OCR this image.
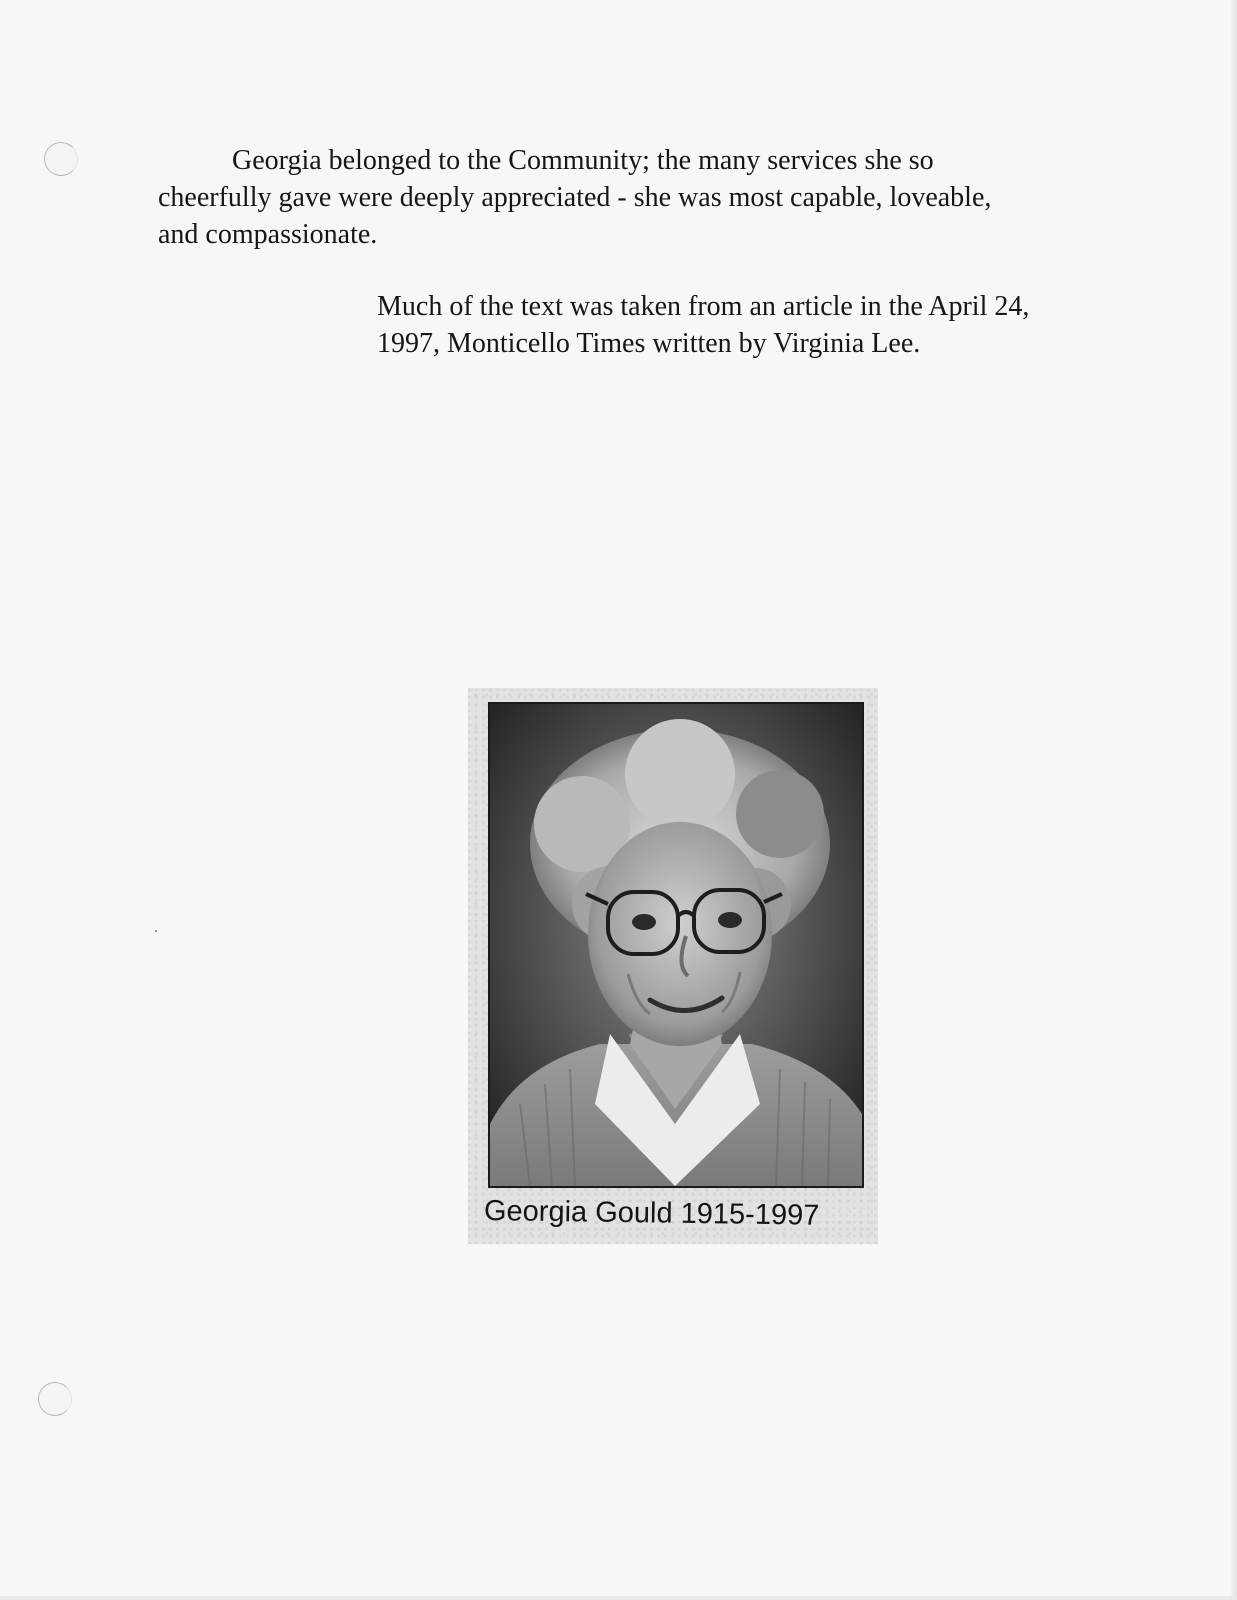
Georgia belonged to the Community; the many services she so cheerfully gave were deeply appreciated - she was most capable, loveable, and compassionate.

Much of the text was taken from an article in the April 24, 1997, Monticello Times written by Virginia Lee.

Georgia Gould 1915-1997
